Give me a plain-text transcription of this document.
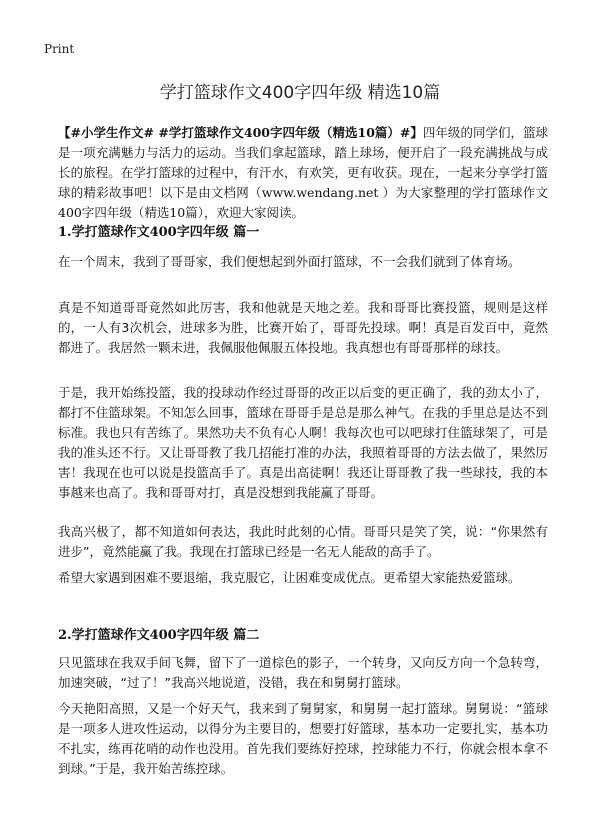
Print
学打篮球作文400字四年级 精选10篇
【#小学生作文# #学打篮球作文400字四年级（精选10篇）#】四年级的同学们，篮球是一项充满魅力与活力的运动。当我们拿起篮球，踏上球场，便开启了一段充满挑战与成长的旅程。在学打篮球的过程中，有汗水，有欢笑，更有收获。现在，一起来分享学打篮球的精彩故事吧！以下是由文档网（www.wendang.net ）为大家整理的学打篮球作文400字四年级（精选10篇），欢迎大家阅读。
1.学打篮球作文400字四年级 篇一
在一个周末，我到了哥哥家，我们便想起到外面打篮球，不一会我们就到了体育场。
真是不知道哥哥竟然如此厉害，我和他就是天地之差。我和哥哥比赛投篮，规则是这样的，一人有3次机会，进球多为胜，比赛开始了，哥哥先投球。啊！真是百发百中，竟然都进了。我居然一颗未进，我佩服他佩服五体投地。我真想也有哥哥那样的球技。
于是，我开始练投篮，我的投球动作经过哥哥的改正以后变的更正确了，我的劲太小了，都打不住篮球架。不知怎么回事，篮球在哥哥手是总是那么神气。在我的手里总是达不到标准。我也只有苦练了。果然功夫不负有心人啊！我每次也可以吧球打住篮球架了，可是我的准头还不行。又让哥哥教了我几招能打准的办法，我照着哥哥的方法去做了，果然厉害！我现在也可以说是投篮高手了。真是出高徒啊！我还让哥哥教了我一些球技，我的本事越来也高了。我和哥哥对打，真是没想到我能赢了哥哥。
我高兴极了，都不知道如何表达，我此时此刻的心情。哥哥只是笑了笑，说：“你果然有进步”，竟然能赢了我。我现在打篮球已经是一名无人能敌的高手了。
希望大家遇到困难不要退缩，我克服它，让困难变成优点。更希望大家能热爱篮球。
2.学打篮球作文400字四年级 篇二
只见篮球在我双手间飞舞，留下了一道棕色的影子，一个转身，又向反方向一个急转弯，加速突破，“过了！”我高兴地说道，没错，我在和舅舅打篮球。
今天艳阳高照，又是一个好天气，我来到了舅舅家，和舅舅一起打篮球。舅舅说：“篮球是一项多人进攻性运动，以得分为主要目的，想要打好篮球，基本功一定要扎实，基本功不扎实，练再花哨的动作也没用。首先我们要练好控球，控球能力不行，你就会根本拿不到球。”于是，我开始苦练控球。
